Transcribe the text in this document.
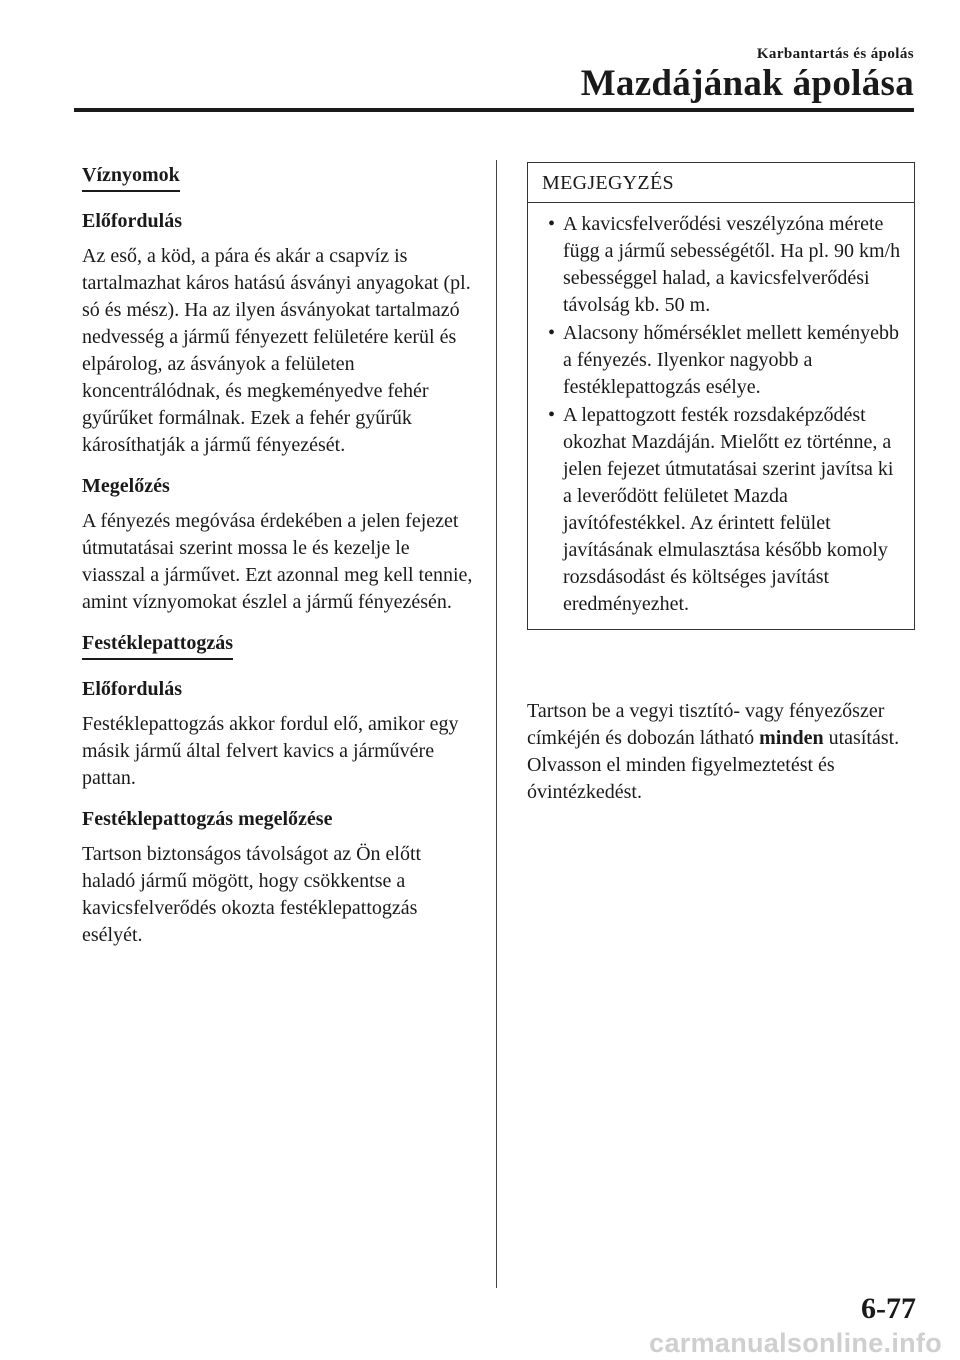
Karbantartás és ápolás
Mazdájának ápolása
Víznyomok
Előfordulás
Az eső, a köd, a pára és akár a csapvíz is tartalmazhat káros hatású ásványi anyagokat (pl. só és mész). Ha az ilyen ásványokat tartalmazó nedvesség a jármű fényezett felületére kerül és elpárolog, az ásványok a felületen koncentrálódnak, és megkeményedve fehér gyűrűket formálnak. Ezek a fehér gyűrűk károsíthatják a jármű fényezését.
Megelőzés
A fényezés megóvása érdekében a jelen fejezet útmutatásai szerint mossa le és kezelje le viasszal a járművet. Ezt azonnal meg kell tennie, amint víznyomokat észlel a jármű fényezésén.
Festéklepattogzás
Előfordulás
Festéklepattogzás akkor fordul elő, amikor egy másik jármű által felvert kavics a járművére pattan.
Festéklepattogzás megelőzése
Tartson biztonságos távolságot az Ön előtt haladó jármű mögött, hogy csökkentse a kavicsfelverődés okozta festéklepattogzás esélyét.
MEGJEGYZÉS
• A kavicsfelverődési veszélyzóna mérete függ a jármű sebességétől. Ha pl. 90 km/h sebességgel halad, a kavicsfelverődési távolság kb. 50 m.
• Alacsony hőmérséklet mellett keményebb a fényezés. Ilyenkor nagyobb a festéklepattogzás esélye.
• A lepattogzott festék rozsdaképződést okozhat Mazdáján. Mielőtt ez történne, a jelen fejezet útmutatásai szerint javítsa ki a leverődött felületet Mazda javítófestékkel. Az érintett felület javításának elmulasztása később komoly rozsdásodást és költséges javítást eredményezhet.
Tartson be a vegyi tisztító- vagy fényezőszer címkéjén és dobozán látható minden utasítást. Olvasson el minden figyelmeztetést és óvintézkedést.
6-77
carmanualsonline.info
